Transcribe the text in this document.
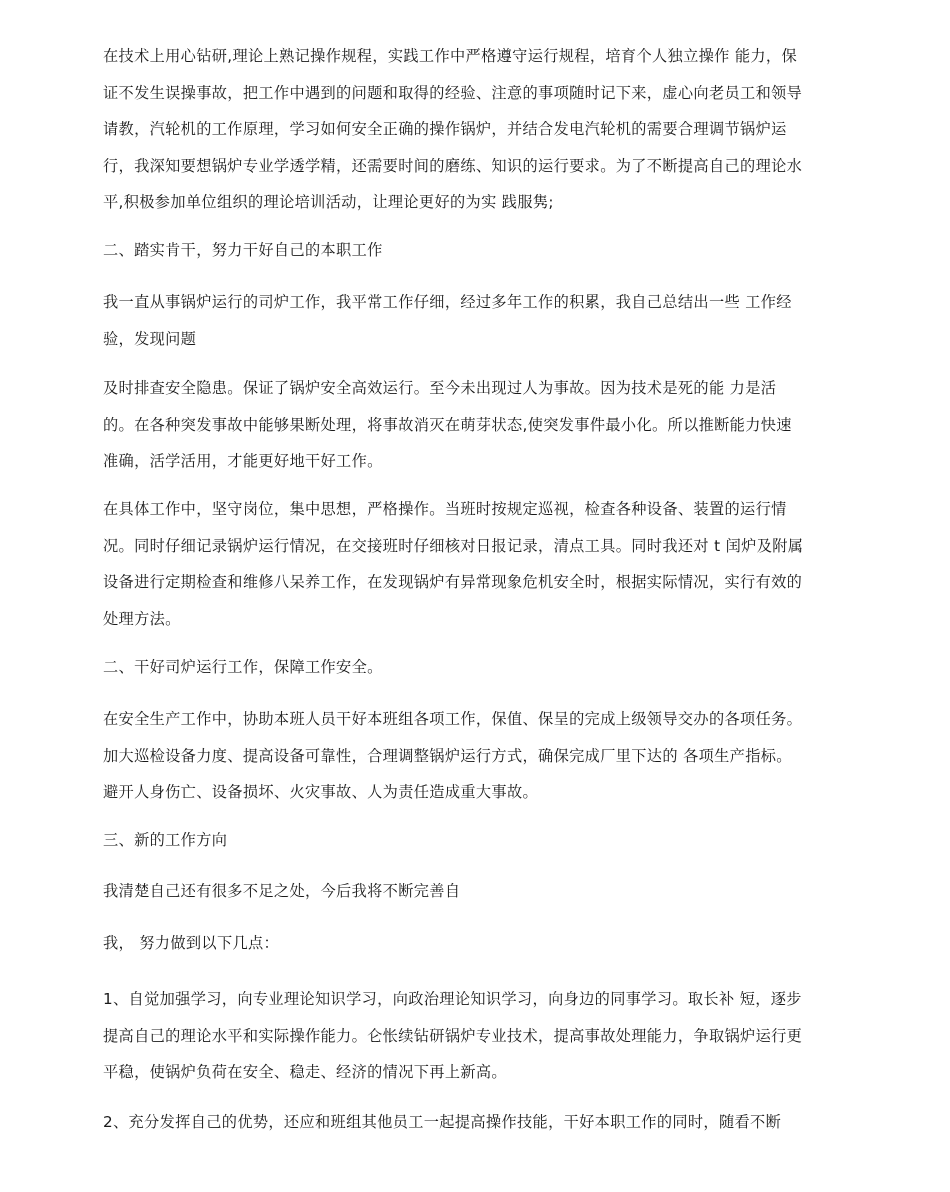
在技术上用心钻研,理论上熟记操作规程，实践工作中严格遵守运行规程，培育个人独立操作 能力，保
证不发生误操事故，把工作中遇到的问题和取得的经验、注意的事项随时记下来，虚心向老员工和领导
请教，汽轮机的工作原理，学习如何安全正确的操作锅炉，并结合发电汽轮机的需要合理调节锅炉运
行，我深知要想锅炉专业学透学精，还需要时间的磨练、知识的运行要求。为了不断提高自己的理论水
平,积极参加单位组织的理论培训活动，让理论更好的为实 践服隽;

二、踏实肯干，努力干好自己的本职工作

我一直从事锅炉运行的司炉工作，我平常工作仔细，经过多年工作的积累，我自己总结出一些 工作经
验，发现问题

及时排查安全隐患。保证了锅炉安全高效运行。至今未出现过人为事故。因为技术是死的能 力是活
的。在各种突发事故中能够果断处理，将事故消灭在萌芽状态,使突发事件最小化。所以推断能力快速
准确，活学活用，才能更好地干好工作。

在具体工作中，坚守岗位，集中思想，严格操作。当班时按规定巡视，检查各种设备、装置的运行情
况。同时仔细记录锅炉运行情况，在交接班时仔细核对日报记录，清点工具。同时我还对 t 闰炉及附属
设备进行定期检查和维修八呆养工作，在发现锅炉有异常现象危机安全时，根据实际情况，实行有效的
处理方法。

二、干好司炉运行工作，保障工作安全。

在安全生产工作中，协助本班人员干好本班组各项工作，保值、保呈的完成上级领导交办的各项任务。
加大巡检设备力度、提高设备可靠性，合理调整锅炉运行方式，确保完成厂里下达的 各项生产指标。
避开人身伤亡、设备损坏、火灾事故、人为责任造成重大事故。

三、新的工作方向

我清楚自己还有很多不足之处，今后我将不断完善自

我， 努力做到以下几点：

1、自觉加强学习，向专业理论知识学习，向政治理论知识学习，向身边的同事学习。取长补 短，逐步
提高自己的理论水平和实际操作能力。仑怅续钻研锅炉专业技术，提高事故处理能力，争取锅炉运行更
平稳，使锅炉负荷在安全、稳走、经济的情况下再上新高。

2、充分发挥自己的优势，还应和班组其他员工一起提高操作技能，干好本职工作的同时，随看不断
